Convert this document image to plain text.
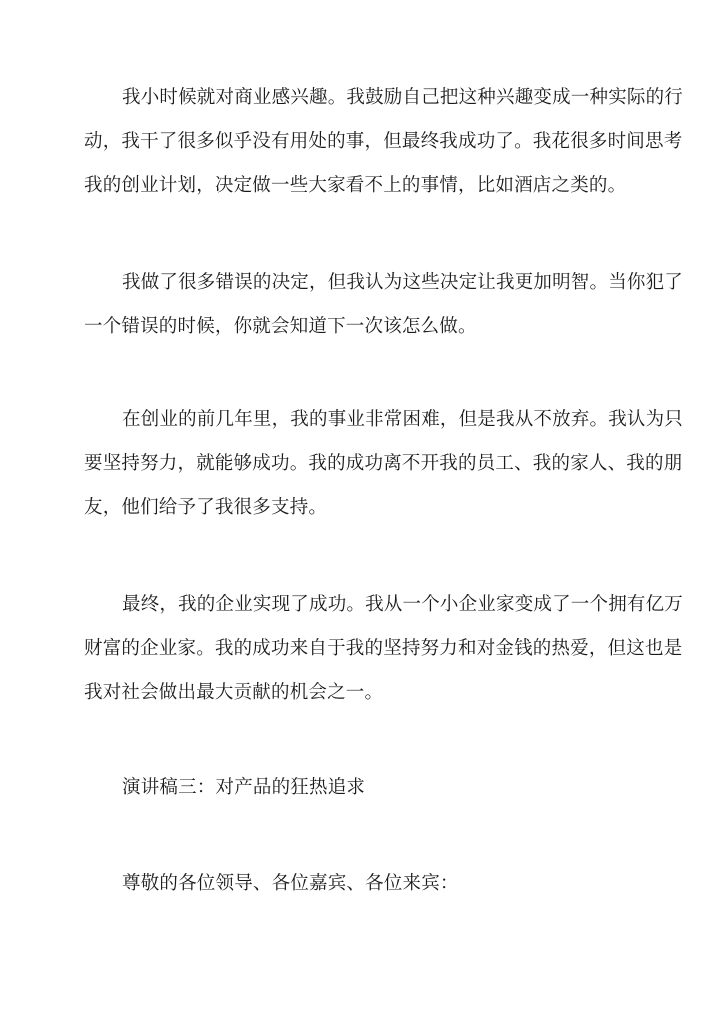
我小时候就对商业感兴趣。我鼓励自己把这种兴趣变成一种实际的行
动，我干了很多似乎没有用处的事，但最终我成功了。我花很多时间思考
我的创业计划，决定做一些大家看不上的事情，比如酒店之类的。
我做了很多错误的决定，但我认为这些决定让我更加明智。当你犯了
一个错误的时候，你就会知道下一次该怎么做。
在创业的前几年里，我的事业非常困难，但是我从不放弃。我认为只
要坚持努力，就能够成功。我的成功离不开我的员工、我的家人、我的朋
友，他们给予了我很多支持。
最终，我的企业实现了成功。我从一个小企业家变成了一个拥有亿万
财富的企业家。我的成功来自于我的坚持努力和对金钱的热爱，但这也是
我对社会做出最大贡献的机会之一。
演讲稿三：对产品的狂热追求
尊敬的各位领导、各位嘉宾、各位来宾：
